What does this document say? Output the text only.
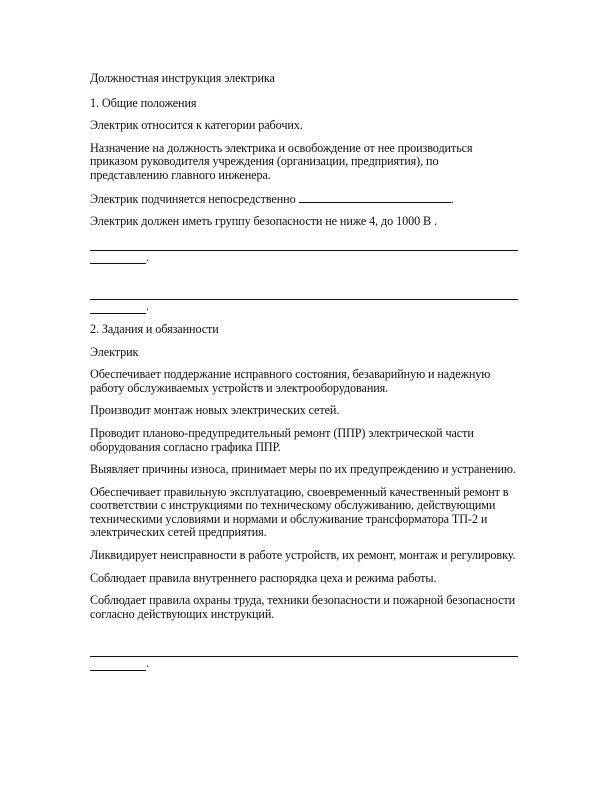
Должностная инструкция электрика

1. Общие положения

Электрик относится к категории рабочих.

Назначение на должность электрика и освобождение от нее производиться приказом руководителя учреждения (организации, предприятия), по представлению главного инженера.

Электрик подчиняется непосредственно	.

Электрик должен иметь группу безопасности не ниже 4, до 1000 В .

.
.

2. Задания и обязанности

Электрик

Обеспечивает поддержание исправного состояния, безаварийную и надежную работу обслуживаемых устройств и электрооборудования.

Производит монтаж новых электрических сетей.

Проводит планово-предупредительный ремонт (ППР) электрической части оборудования согласно графика ППР.

Выявляет причины износа, принимает меры по их предупреждению и устранению.

Обеспечивает правильную эксплуатацию, своевременный качественный ремонт в соответствии с инструкциями по техническому обслуживанию, действующими техническими условиями и нормами и обслуживание трансформатора ТП-2 и электрических сетей предприятия.

Ликвидирует неисправности в работе устройств, их ремонт, монтаж и регулировку.

Соблюдает правила внутреннего распорядка цеха и режима работы.

Соблюдает правила охраны труда, техники безопасности и пожарной безопасности согласно действующих инструкций.

.
